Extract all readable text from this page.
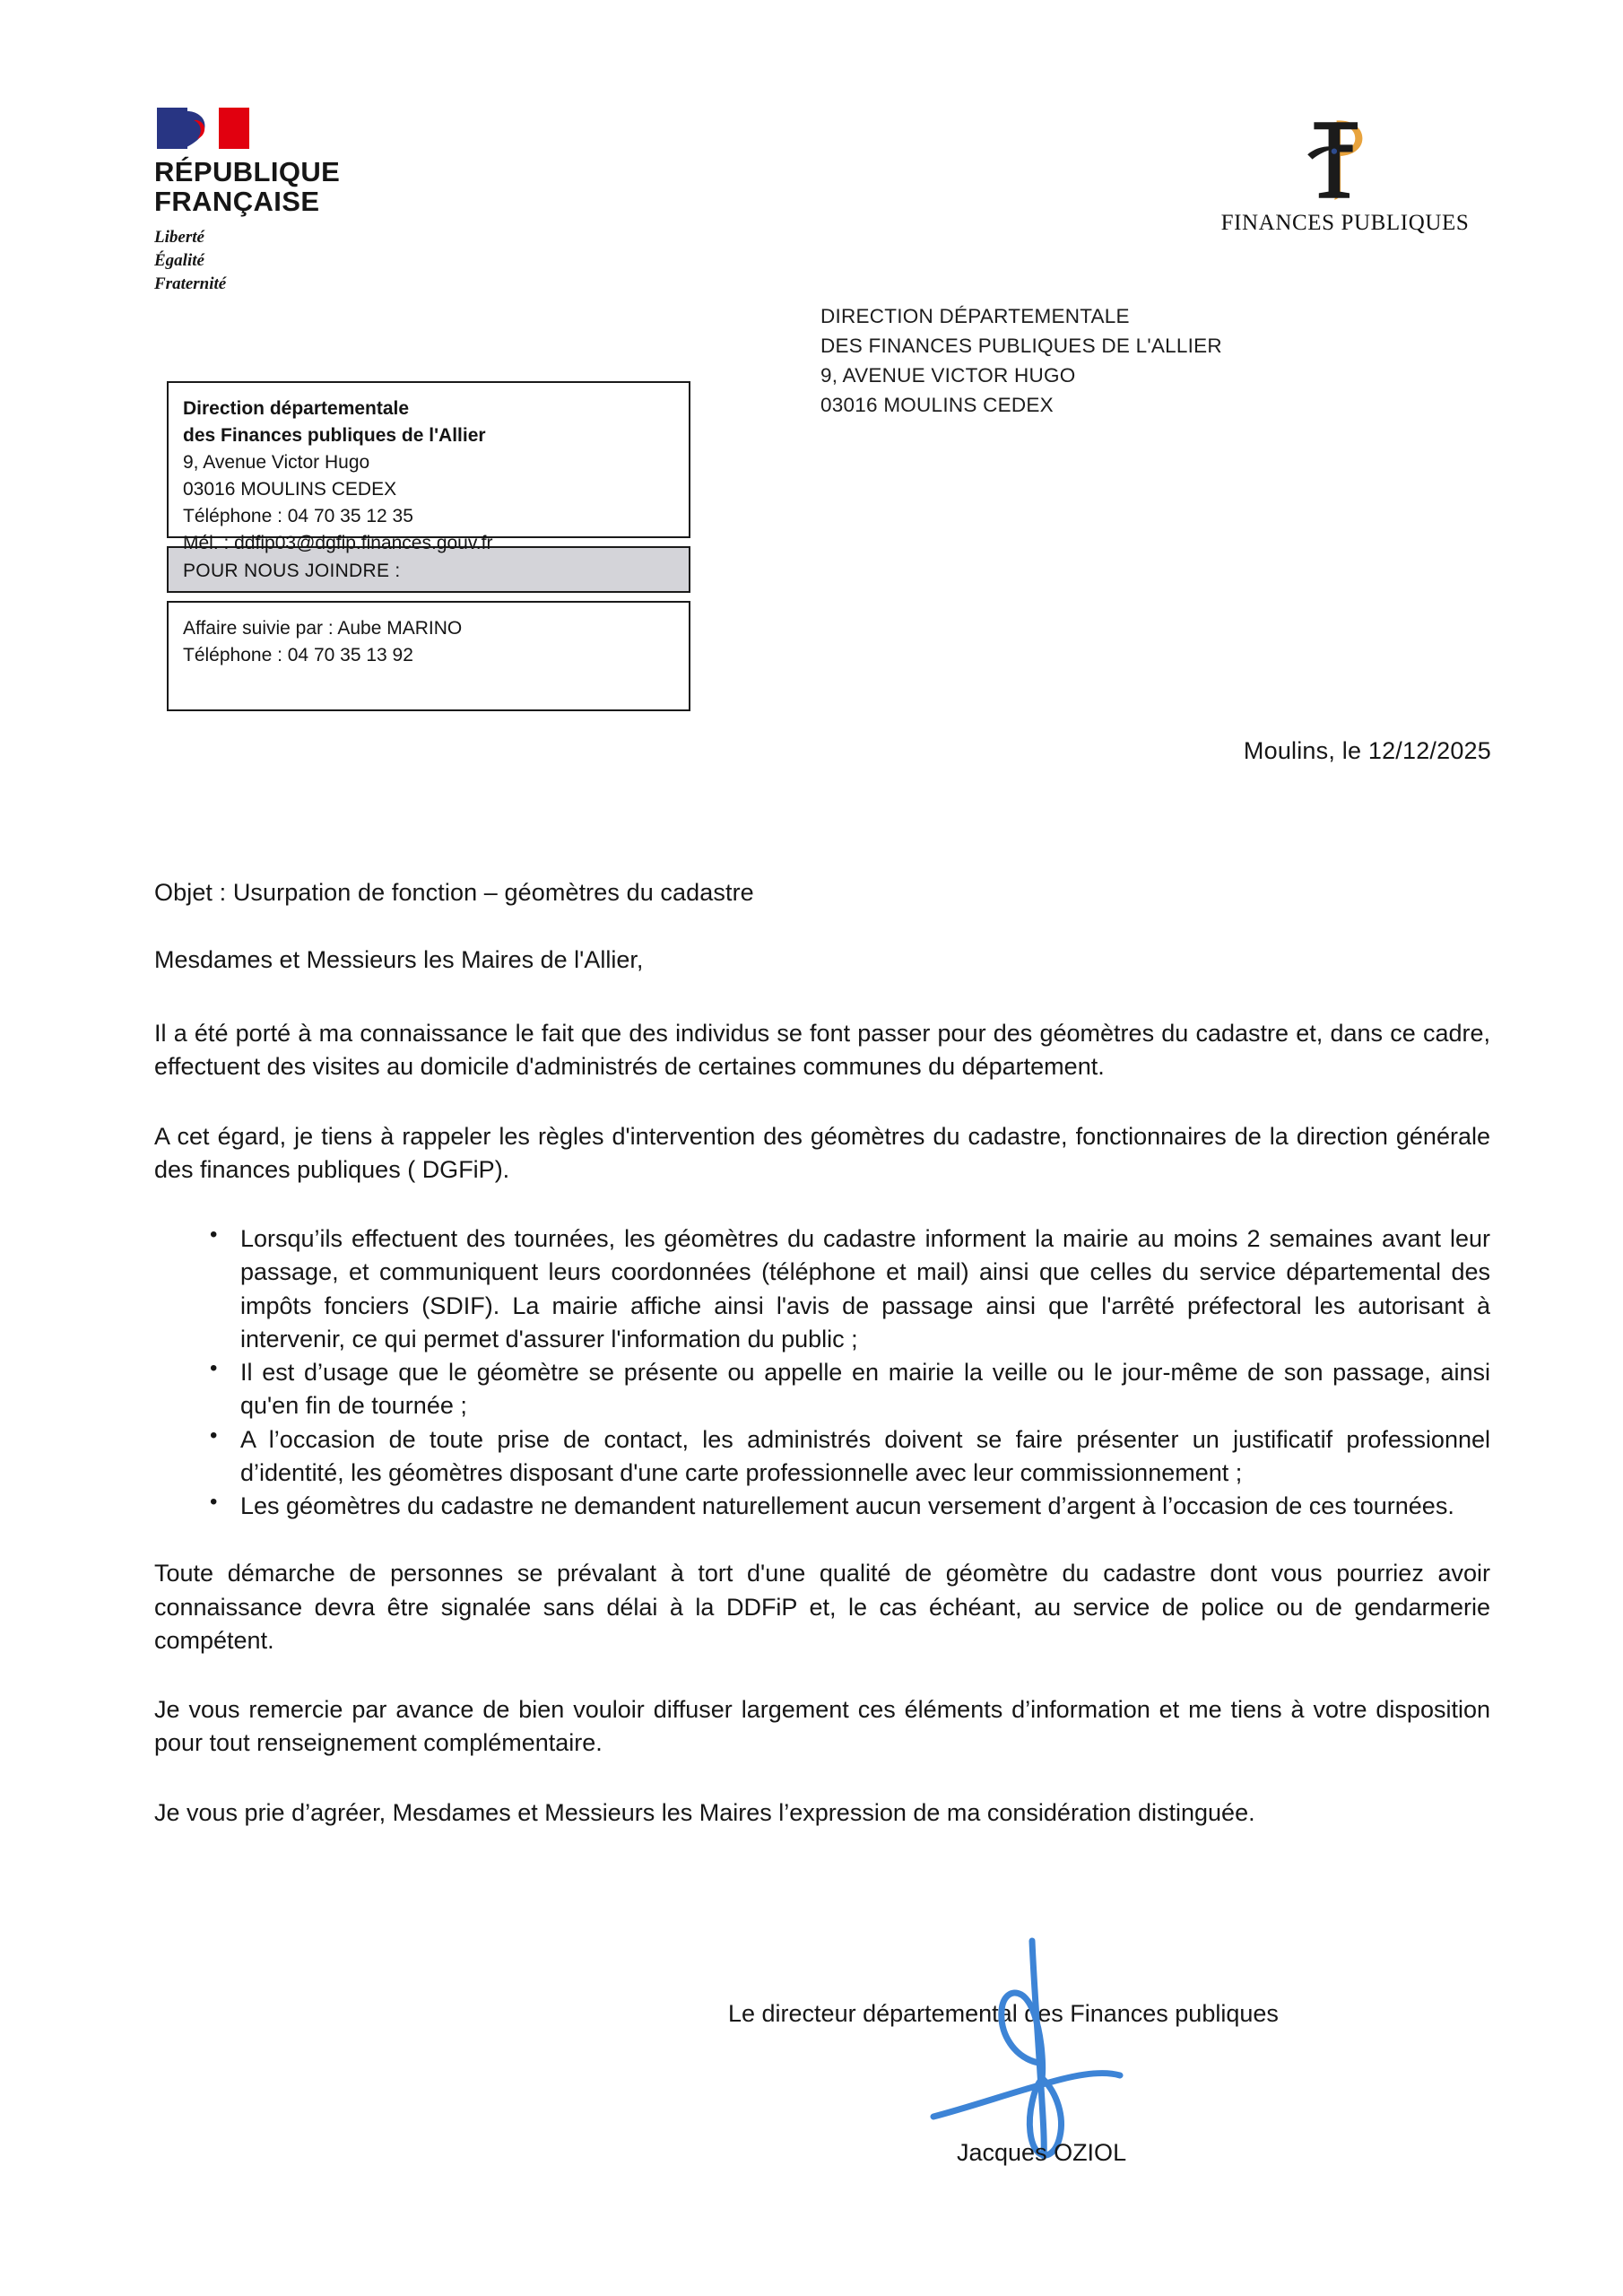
RÉPUBLIQUE
FRANÇAISE
Liberté
Égalité
Fraternité
FINANCES PUBLIQUES
DIRECTION DÉPARTEMENTALE
DES FINANCES PUBLIQUES DE L'ALLIER
9, AVENUE VICTOR HUGO
03016 MOULINS CEDEX
Direction départementale
des Finances publiques de l'Allier
9, Avenue Victor Hugo
03016 MOULINS CEDEX
Téléphone : 04 70 35 12 35
Mél. : ddfip03@dgfip.finances.gouv.fr
POUR NOUS JOINDRE :
Affaire suivie par : Aube MARINO
Téléphone : 04 70 35 13 92
Moulins, le 12/12/2025
Objet : Usurpation de fonction – géomètres du cadastre
Mesdames et Messieurs les Maires de l'Allier,

Il a été porté à ma connaissance le fait que des individus se font passer pour des géomètres du cadastre et, dans ce cadre, effectuent des visites au domicile d'administrés de certaines communes du département.

A cet égard, je tiens à rappeler les règles d'intervention des géomètres du cadastre, fonctionnaires de la direction générale des finances publiques ( DGFiP).

• Lorsqu’ils effectuent des tournées, les géomètres du cadastre informent la mairie au moins 2 semaines avant leur passage, et communiquent leurs coordonnées (téléphone et mail) ainsi que celles du service départemental des impôts fonciers (SDIF). La mairie affiche ainsi l'avis de passage ainsi que l'arrêté préfectoral les autorisant à intervenir, ce qui permet d'assurer l'information du public ;
• Il est d’usage que le géomètre se présente ou appelle en mairie la veille ou le jour-même de son passage, ainsi qu'en fin de tournée ;
• A l’occasion de toute prise de contact, les administrés doivent se faire présenter un justificatif professionnel d’identité, les géomètres disposant d'une carte professionnelle avec leur commissionnement ;
• Les géomètres du cadastre ne demandent naturellement aucun versement d’argent à l’occasion de ces tournées.

Toute démarche de personnes se prévalant à tort d'une qualité de géomètre du cadastre dont vous pourriez avoir connaissance devra être signalée sans délai à la DDFiP et, le cas échéant, au service de police ou de gendarmerie compétent.

Je vous remercie par avance de bien vouloir diffuser largement ces éléments d’information et me tiens à votre disposition pour tout renseignement complémentaire.

Je vous prie d’agréer, Mesdames et Messieurs les Maires l’expression de ma considération distinguée.

Le directeur départemental des Finances publiques
Jacques OZIOL
